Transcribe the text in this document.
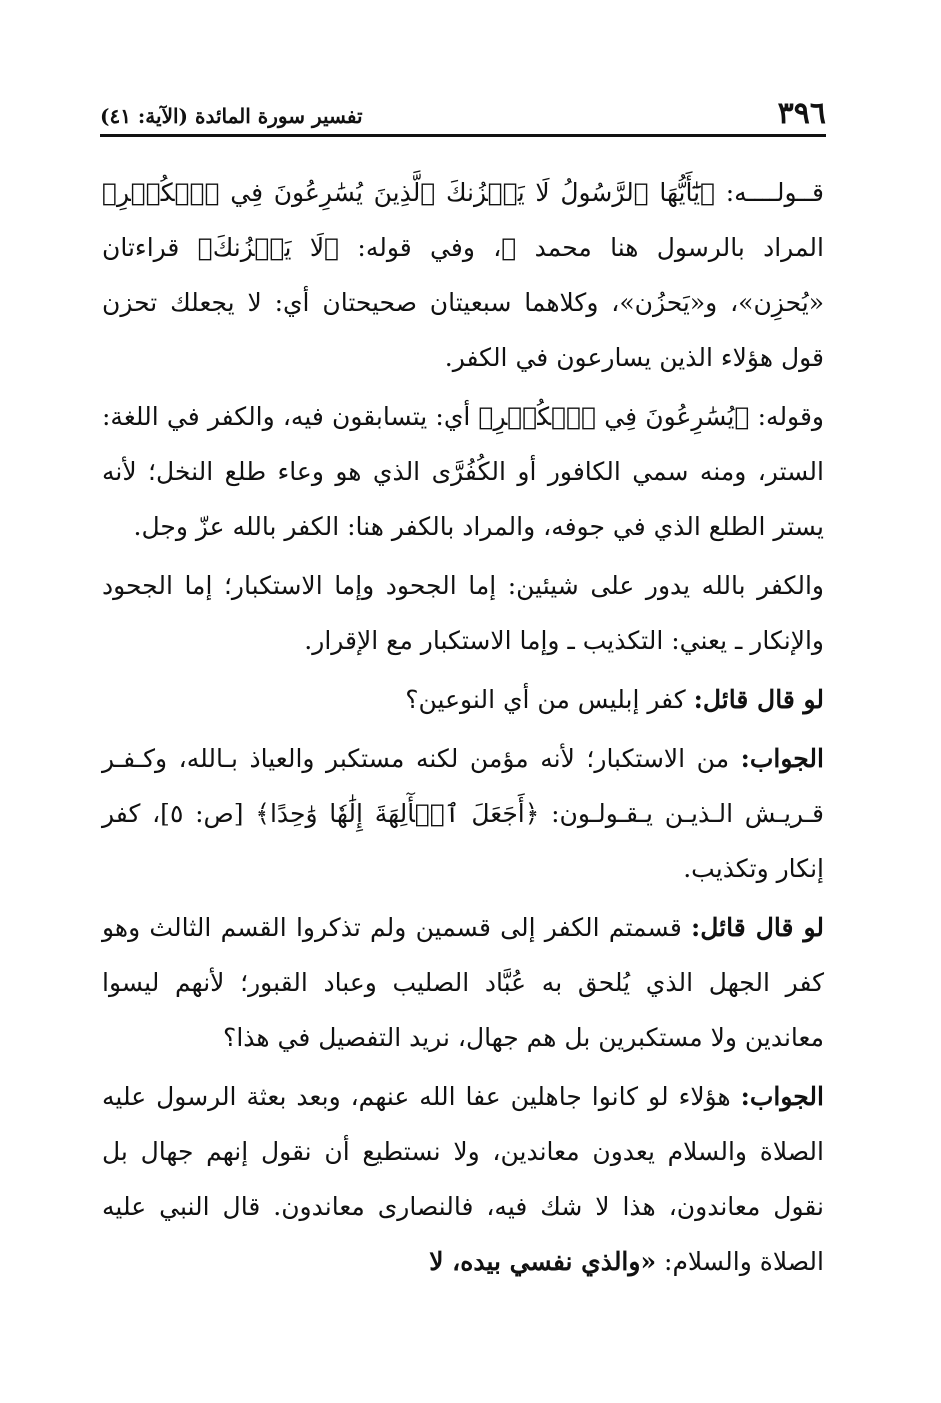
٣٩٦
تفسير سورة المائدة (الآية: ٤١)

قــولــــه: ﴿يَٰٓأَيُّهَا ٱلرَّسُولُ لَا يَحۡزُنكَ ٱلَّذِينَ يُسَٰرِعُونَ فِي ٱلۡكُفۡرِ﴾ المراد بالرسول هنا محمد ﷺ، وفي قوله: ﴿لَا يَحۡزُنكَ﴾ قراءتان «يُحزِن»، و«يَحزُن»، وكلاهما سبعيتان صحيحتان أي: لا يجعلك تحزن قول هؤلاء الذين يسارعون في الكفر.

وقوله: ﴿يُسَٰرِعُونَ فِي ٱلۡكُفۡرِ﴾ أي: يتسابقون فيه، والكفر في اللغة: الستر، ومنه سمي الكافور أو الكُفُرَّى الذي هو وعاء طلع النخل؛ لأنه يستر الطلع الذي في جوفه، والمراد بالكفر هنا: الكفر بالله عزّ وجل.

والكفر بالله يدور على شيئين: إما الجحود وإما الاستكبار؛ إما الجحود والإنكار ـ يعني: التكذيب ـ وإما الاستكبار مع الإقرار.

لو قال قائل: كفر إبليس من أي النوعين؟

الجواب: من الاستكبار؛ لأنه مؤمن لكنه مستكبر والعياذ بـالله، وكـفـر قـريـش الـذيـن يـقـولـون: ﴿أَجَعَلَ ٱلۡأٓلِهَةَ إِلَٰهٗا وَٰحِدًا﴾ [ص: ٥]، كفر إنكار وتكذيب.

لو قال قائل: قسمتم الكفر إلى قسمين ولم تذكروا القسم الثالث وهو كفر الجهل الذي يُلحق به عُبَّاد الصليب وعباد القبور؛ لأنهم ليسوا معاندين ولا مستكبرين بل هم جهال، نريد التفصيل في هذا؟

الجواب: هؤلاء لو كانوا جاهلين عفا الله عنهم، وبعد بعثة الرسول عليه الصلاة والسلام يعدون معاندين، ولا نستطيع أن نقول إنهم جهال بل نقول معاندون، هذا لا شك فيه، فالنصارى معاندون. قال النبي عليه الصلاة والسلام: «والذي نفسي بيده، لا
